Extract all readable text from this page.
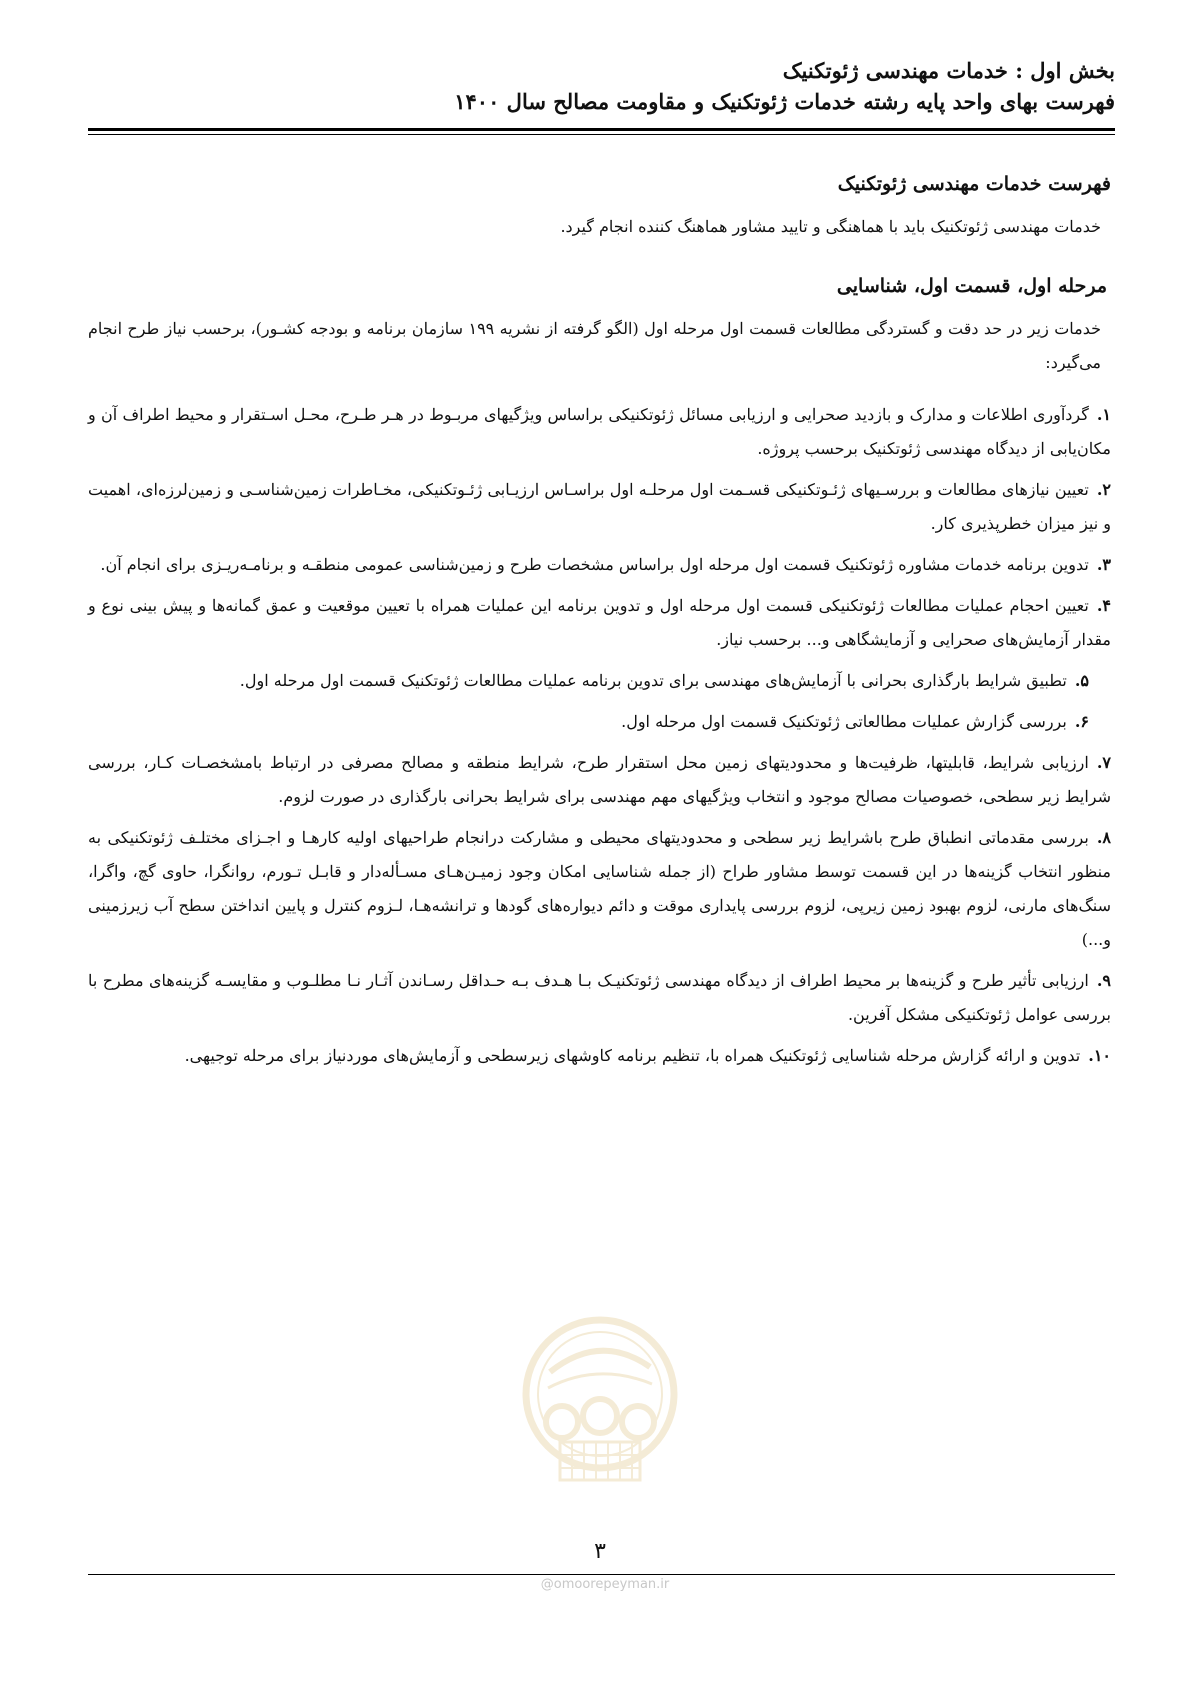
بخش اول : خدمات مهندسی ژئوتکنیک
فهرست بهای واحد پایه رشته خدمات ژئوتکنیک و مقاومت مصالح سال ۱۴۰۰
فهرست خدمات مهندسی ژئوتکنیک
خدمات مهندسی ژئوتکنیک باید با هماهنگی و تایید مشاور هماهنگ کننده انجام گیرد.
مرحله اول، قسمت اول، شناسایی
خدمات زیر در حد دقت و گستردگی مطالعات قسمت اول مرحله اول (الگو گرفته از نشریه ۱۹۹ سازمان برنامه و بودجه کشـور)، برحسب نیاز طرح انجام می‌گیرد:
۱.گردآوری اطلاعات و مدارک و بازدید صحرایی و ارزیابی مسائل ژئوتکنیکی براساس ویژگیهای مربـوط در هـر طـرح، محـل اسـتقرار و محیط اطراف آن و مکان‌یابی از دیدگاه مهندسی ژئوتکنیک برحسب پروژه.
۲.تعیین نیازهای مطالعات و بررسـیهای ژئـوتکنیکی قسـمت اول مرحلـه اول براسـاس ارزیـابی ژئـوتکنیکی، مخـاطرات زمین‌شناسـی و زمین‌لرزه‌ای، اهمیت و نیز میزان خطرپذیری کار.
۳.تدوین برنامه خدمات مشاوره ژئوتکنیک قسمت اول مرحله اول براساس مشخصات طرح و زمین‌شناسی عمومی منطقـه و برنامـه‌ریـزی برای انجام آن.
۴.تعیین احجام عملیات مطالعات ژئوتکنیکی قسمت اول مرحله اول و تدوین برنامه این عملیات همراه با تعیین موقعیت و عمق گمانه‌ها و پیش بینی نوع و مقدار آزمایش‌های صحرایی و آزمایشگاهی و... برحسب نیاز.
۵.تطبیق شرایط بارگذاری بحرانی با آزمایش‌های مهندسی برای تدوین برنامه عملیات مطالعات ژئوتکنیک قسمت اول مرحله اول.
۶.بررسی گزارش عملیات مطالعاتی ژئوتکنیک قسمت اول مرحله اول.
۷.ارزیابی شرایط، قابلیتها، ظرفیت‌ها و محدودیتهای زمین محل استقرار طرح، شرایط منطقه و مصالح مصرفی در ارتباط بامشخصـات کـار، بررسی شرایط زیر سطحی، خصوصیات مصالح موجود و انتخاب ویژگیهای مهم مهندسی برای شرایط بحرانی بارگذاری در صورت لزوم.
۸.بررسی مقدماتی انطباق طرح باشرایط زیر سطحی و محدودیتهای محیطی و مشارکت درانجام طراحیهای اولیه کارهـا و اجـزای مختلـف ژئوتکنیکی به منظور انتخاب گزینه‌ها در این قسمت توسط مشاور طراح (از جمله شناسایی امکان وجود زمیـن‌هـای مسـأله‌دار و قابـل تـورم، روانگرا، حاوی گچ، واگرا، سنگ‌های مارنی، لزوم بهبود زمین زیرپی، لزوم بررسی پایداری موقت و دائم دیواره‌های گودها و ترانشه‌هـا، لـزوم کنترل و پایین انداختن سطح آب زیرزمینی و...)
۹.ارزیابی تأثیر طرح و گزینه‌ها بر محیط اطراف از دیدگاه مهندسی ژئوتکنیـک بـا هـدف بـه حـداقل رسـاندن آثـار نـا مطلـوب و مقایسـه گزینه‌های مطرح با بررسی عوامل ژئوتکنیکی مشکل آفرین.
۱۰.تدوین و ارائه گزارش مرحله شناسایی ژئوتکنیک همراه با، تنظیم برنامه کاوشهای زیرسطحی و آزمایش‌های موردنیاز برای مرحله توجیهی.
۳
@omoorepeyman.ir
